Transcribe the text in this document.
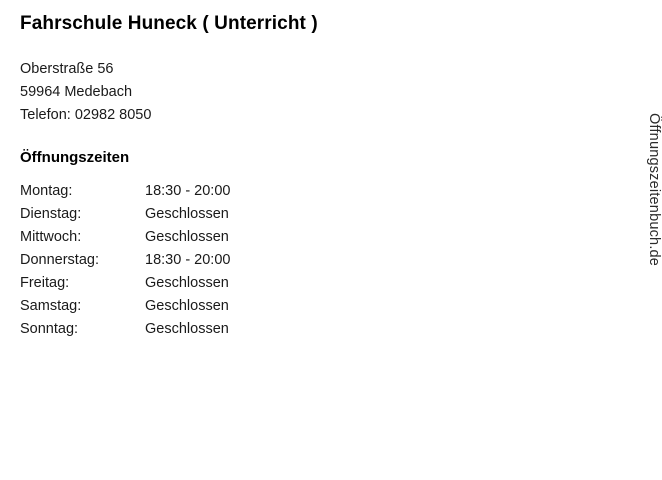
Fahrschule Huneck ( Unterricht )
Oberstraße 56
59964 Medebach
Telefon: 02982 8050
Öffnungszeiten
Montag:	18:30 - 20:00
Dienstag:	Geschlossen
Mittwoch:	Geschlossen
Donnerstag:	18:30 - 20:00
Freitag:	Geschlossen
Samstag:	Geschlossen
Sonntag:	Geschlossen
Öffnungszeitenbuch.de
